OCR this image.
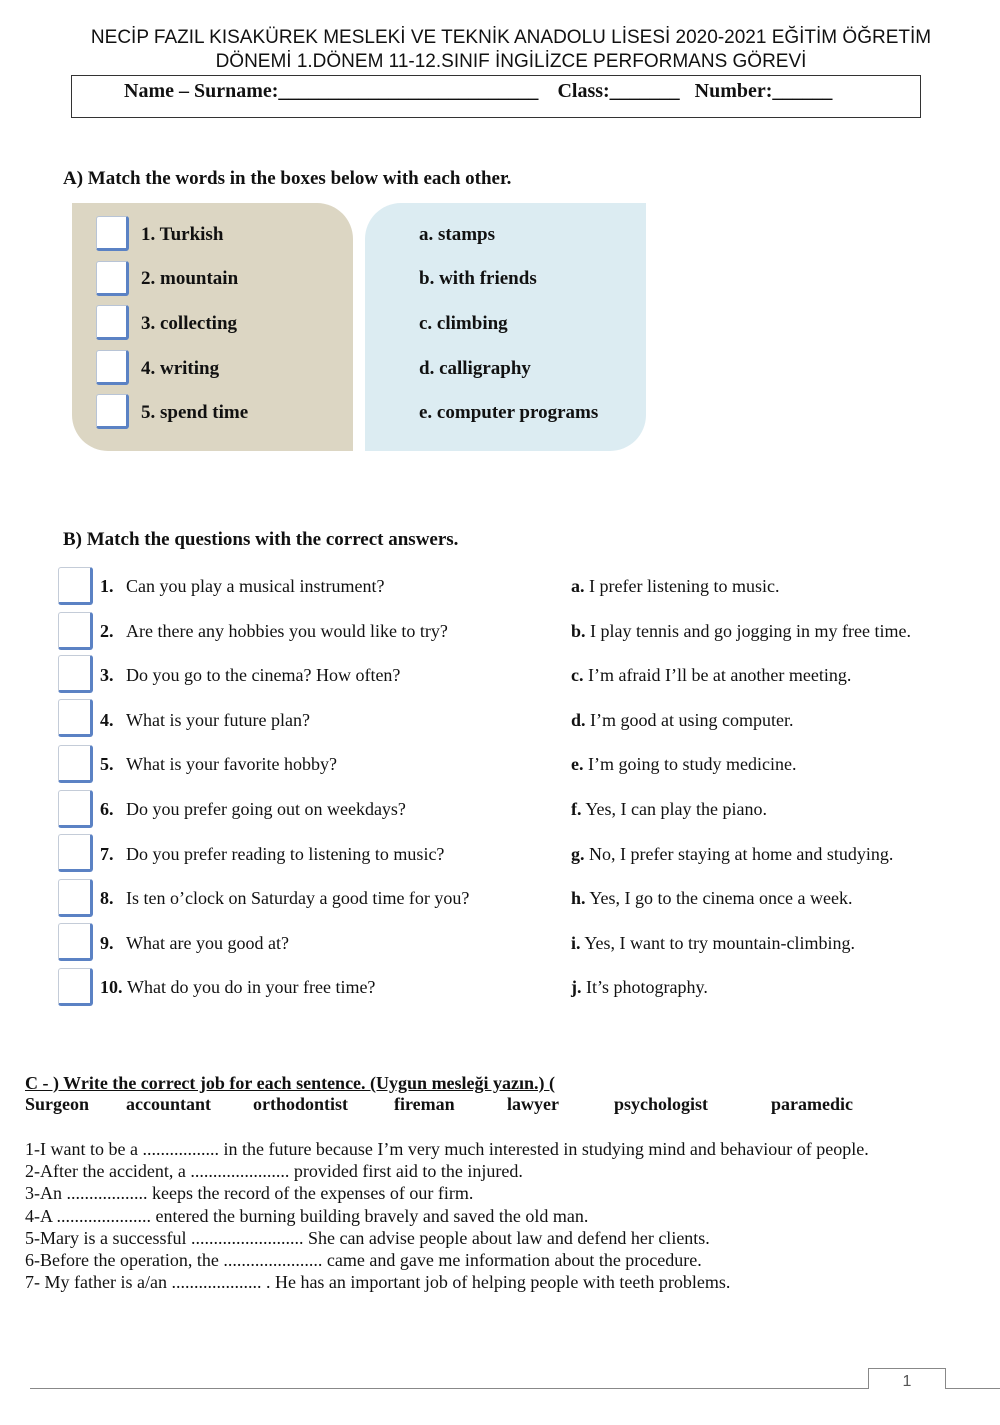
NECİP FAZIL KISAKÜREK MESLEKİ VE TEKNİK ANADOLU LİSESİ 2020-2021 EĞİTİM ÖĞRETİM
DÖNEMİ 1.DÖNEM 11-12.SINIF İNGİLİZCE PERFORMANS GÖREVİ
Name – Surname:__________________________ Class:_______ Number:______
A) Match the words in the boxes below with each other.
1. Turkish
2. mountain
3. collecting
4. writing
5. spend time
a. stamps
b. with friends
c. climbing
d. calligraphy
e. computer programs
B) Match the questions with the correct answers.
1. Can you play a musical instrument?
2. Are there any hobbies you would like to try?
3. Do you go to the cinema? How often?
4. What is your future plan?
5. What is your favorite hobby?
6. Do you prefer going out on weekdays?
7. Do you prefer reading to listening to music?
8. Is ten o’clock on Saturday a good time for you?
9. What are you good at?
10. What do you do in your free time?
a. I prefer listening to music.
b. I play tennis and go jogging in my free time.
c. I’m afraid I’ll be at another meeting.
d. I’m good at using computer.
e. I’m going to study medicine.
f. Yes, I can play the piano.
g. No, I prefer staying at home and studying.
h. Yes, I go to the cinema once a week.
i. Yes, I want to try mountain-climbing.
j. It’s photography.
C - ) Write the correct job for each sentence. (Uygun mesleği yazın.) (
Surgeon accountant orthodontist	fireman	lawyer	psychologist	paramedic
1-I want to be a ................. in the future because I’m very much interested in studying mind and behaviour of people.
2-After the accident, a ...................... provided first aid to the injured.
3-An .................. keeps the record of the expenses of our firm.
4-A ..................... entered the burning building bravely and saved the old man.
5-Mary is a successful ......................... She can advise people about law and defend her clients.
6-Before the operation, the ...................... came and gave me information about the procedure.
7- My father is a/an .................... . He has an important job of helping people with teeth problems.
1
